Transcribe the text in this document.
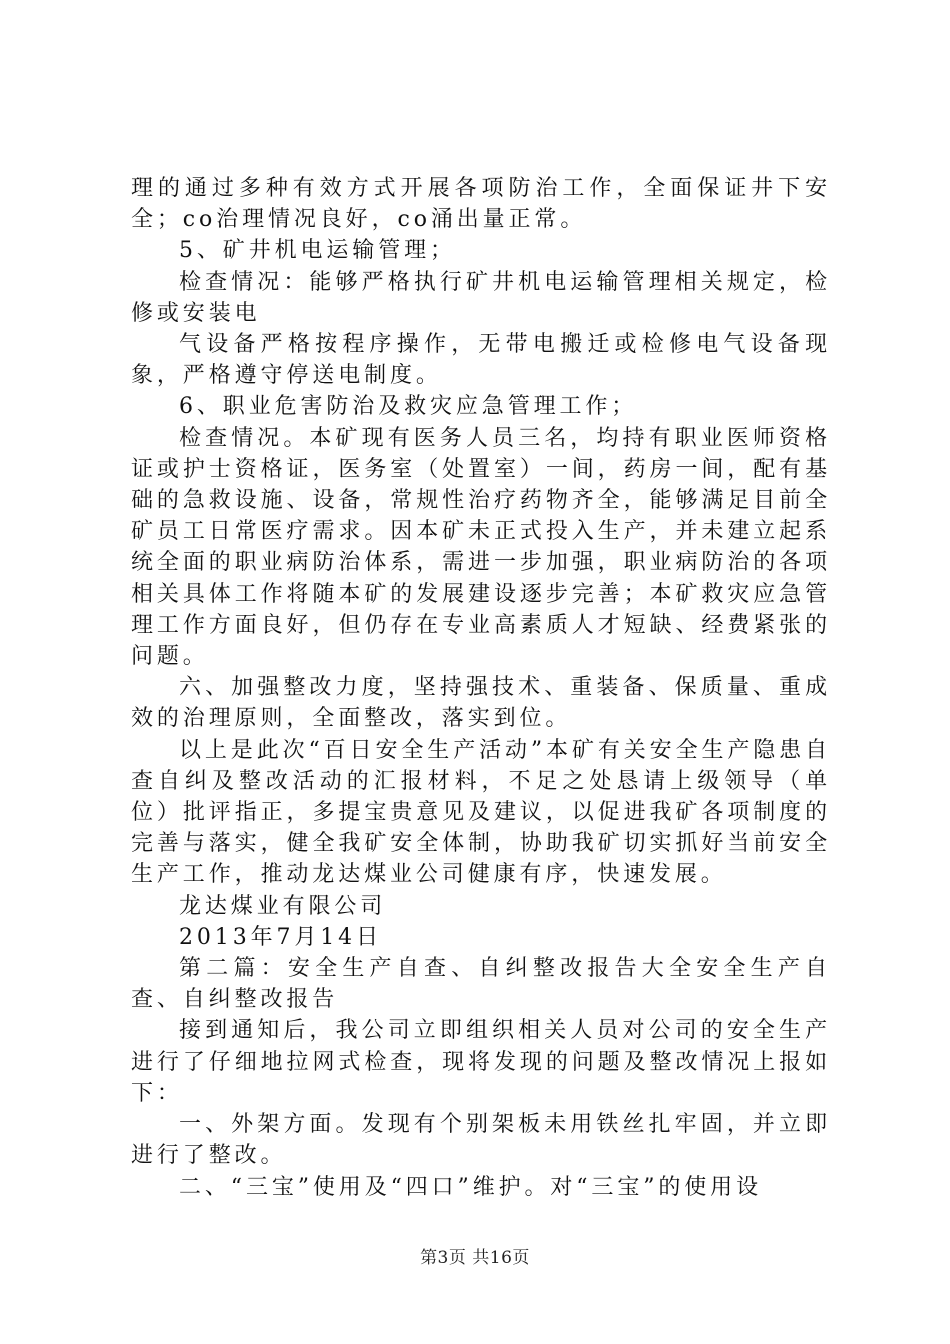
理的通过多种有效方式开展各项防治工作，全面保证井下安全；co治理情况良好，co涌出量正常。

5、矿井机电运输管理；

检查情况：能够严格执行矿井机电运输管理相关规定，检修或安装电

气设备严格按程序操作，无带电搬迁或检修电气设备现象，严格遵守停送电制度。

6、职业危害防治及救灾应急管理工作；

检查情况。本矿现有医务人员三名，均持有职业医师资格证或护士资格证，医务室（处置室）一间，药房一间，配有基础的急救设施、设备，常规性治疗药物齐全，能够满足目前全矿员工日常医疗需求。因本矿未正式投入生产，并未建立起系统全面的职业病防治体系，需进一步加强，职业病防治的各项相关具体工作将随本矿的发展建设逐步完善；本矿救灾应急管理工作方面良好，但仍存在专业高素质人才短缺、经费紧张的问题。

六、加强整改力度，坚持强技术、重装备、保质量、重成效的治理原则，全面整改，落实到位。

以上是此次“百日安全生产活动”本矿有关安全生产隐患自查自纠及整改活动的汇报材料，不足之处恳请上级领导（单位）批评指正，多提宝贵意见及建议，以促进我矿各项制度的完善与落实，健全我矿安全体制，协助我矿切实抓好当前安全生产工作，推动龙达煤业公司健康有序，快速发展。

龙达煤业有限公司

2013年7月14日

第二篇：安全生产自查、自纠整改报告大全安全生产自查、自纠整改报告

接到通知后，我公司立即组织相关人员对公司的安全生产进行了仔细地拉网式检查，现将发现的问题及整改情况上报如下：

一、外架方面。发现有个别架板未用铁丝扎牢固，并立即进行了整改。

二、“三宝”使用及“四口”维护。对“三宝”的使用设

第3页 共16页
